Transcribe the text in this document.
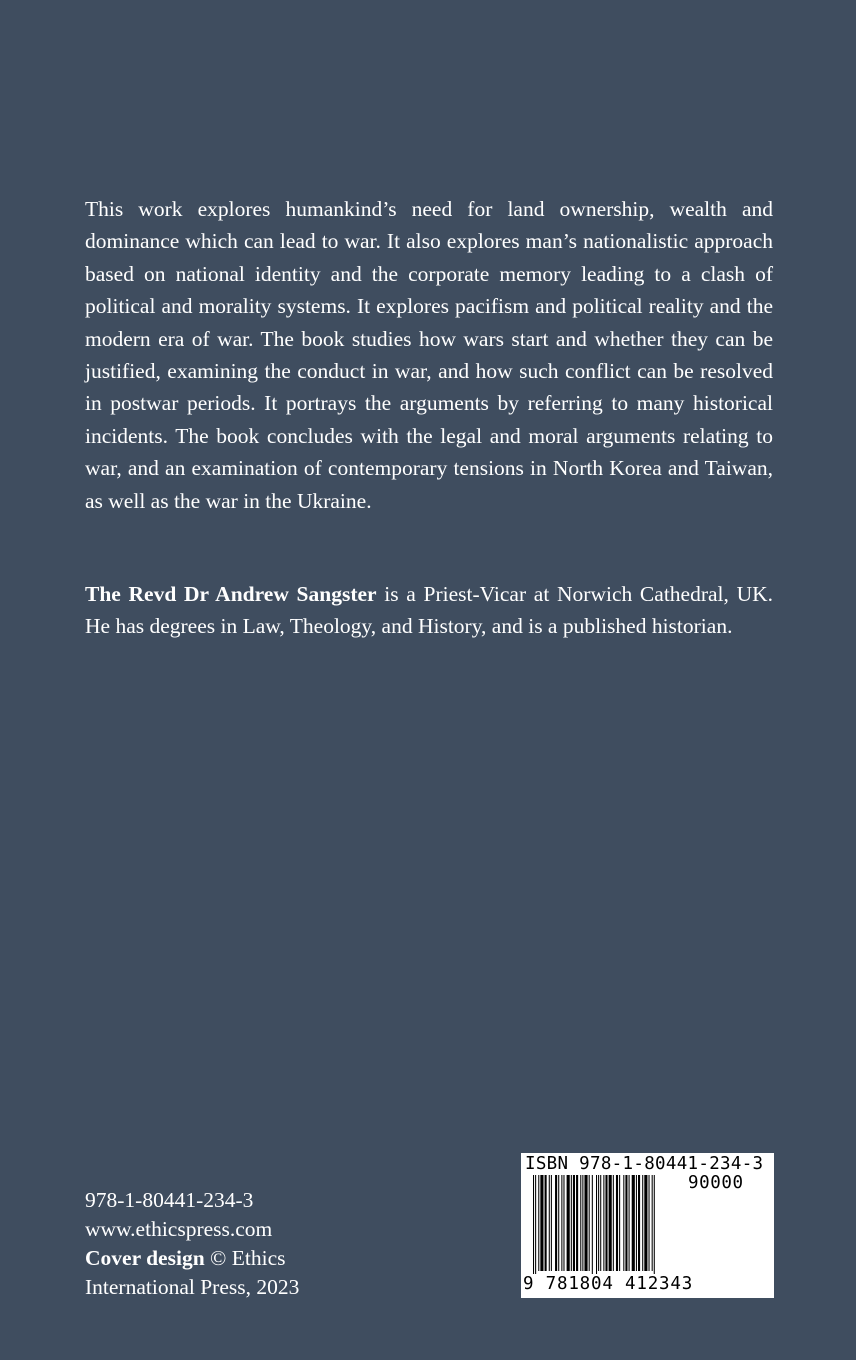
This work explores humankind’s need for land ownership, wealth and dominance which can lead to war. It also explores man’s nationalistic approach based on national identity and the corporate memory leading to a clash of political and morality systems. It explores pacifism and political reality and the modern era of war. The book studies how wars start and whether they can be justified, examining the conduct in war, and how such conflict can be resolved in postwar periods. It portrays the arguments by referring to many historical incidents. The book concludes with the legal and moral arguments relating to war, and an examination of contemporary tensions in North Korea and Taiwan, as well as the war in the Ukraine.

The Revd Dr Andrew Sangster is a Priest-Vicar at Norwich Cathedral, UK. He has degrees in Law, Theology, and History, and is a published historian.

978-1-80441-234-3
www.ethicspress.com
Cover design © Ethics
International Press, 2023
ISBN 978-1-80441-234-3
90000
9 781804 412343
